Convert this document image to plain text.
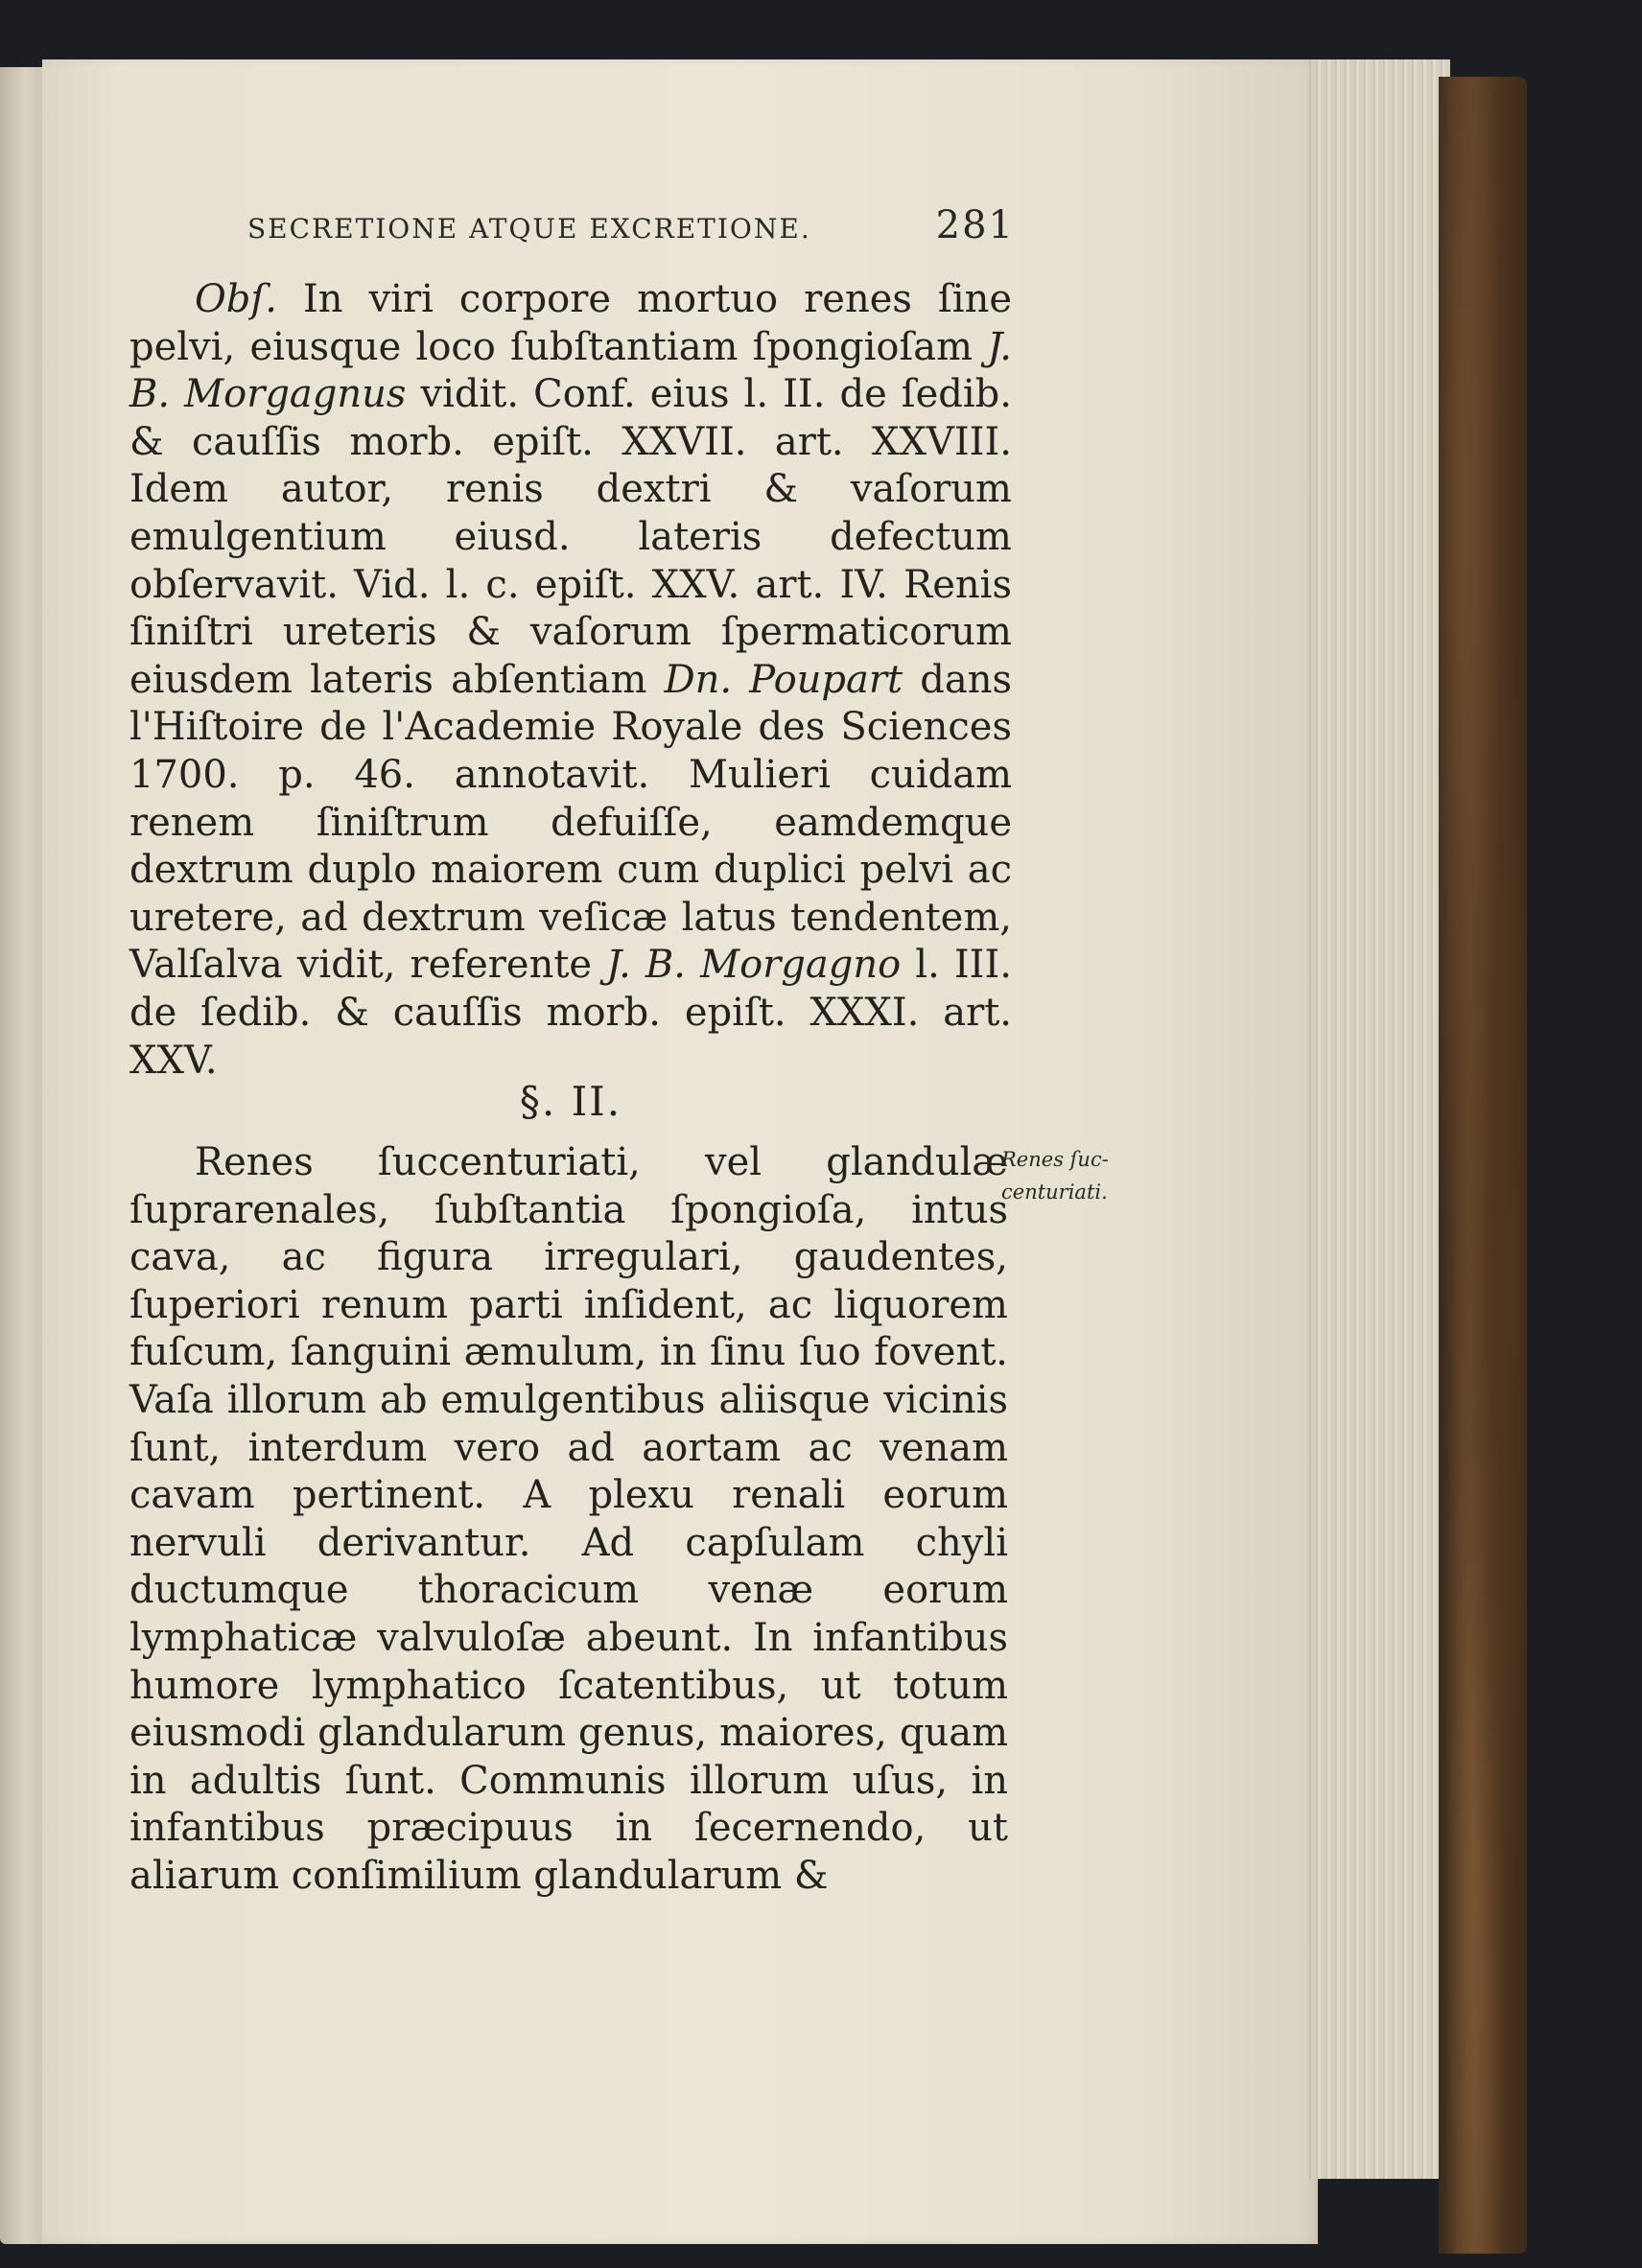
SECRETIONE ATQUE EXCRETIONE.	281
Obſ. In viri corpore mortuo renes ſine pelvi, eiusque loco ſubſtantiam ſpongioſam J. B. Morgagnus vidit. Conf. eius l. II. de ſedib. & cauſſis morb. epiſt. XXVII. art. XXVIII. Idem autor, renis dextri & vaſorum emulgentium eiusd. lateris defectum obſervavit. Vid. l. c. epiſt. XXV. art. IV. Renis ſiniſtri ureteris & vaſorum ſpermaticorum eiusdem lateris abſentiam Dn. Poupart dans l'Hiſtoire de l'Academie Royale des Sciences 1700. p. 46. annotavit. Mulieri cuidam renem ſiniſtrum defuiſſe, eamdemque dextrum duplo maiorem cum duplici pelvi ac uretere, ad dextrum veſicæ latus tendentem, Valſalva vidit, referente J. B. Morgagno l. III. de ſedib. & cauſſis morb. epiſt. XXXI. art. XXV.
§. II.
Renes ſuccenturiati, vel glandulæ ſuprarenales, ſubſtantia ſpongioſa, intus cava, ac figura irregulari, gaudentes, ſuperiori renum parti inſident, ac liquorem fuſcum, ſanguini æmulum, in ſinu ſuo fovent. Vaſa illorum ab emulgentibus aliisque vicinis ſunt, interdum vero ad aortam ac venam cavam pertinent. A plexu renali eorum nervuli derivantur. Ad capſulam chyli ductumque thoracicum venæ eorum lymphaticæ valvuloſæ abeunt. In infantibus humore lymphatico ſcatentibus, ut totum eiusmodi glandularum genus, maiores, quam in adultis ſunt. Communis illorum uſus, in infantibus præcipuus in ſecernendo, ut aliarum conſimilium glandularum &
Renes ſuc-
centuriati.
